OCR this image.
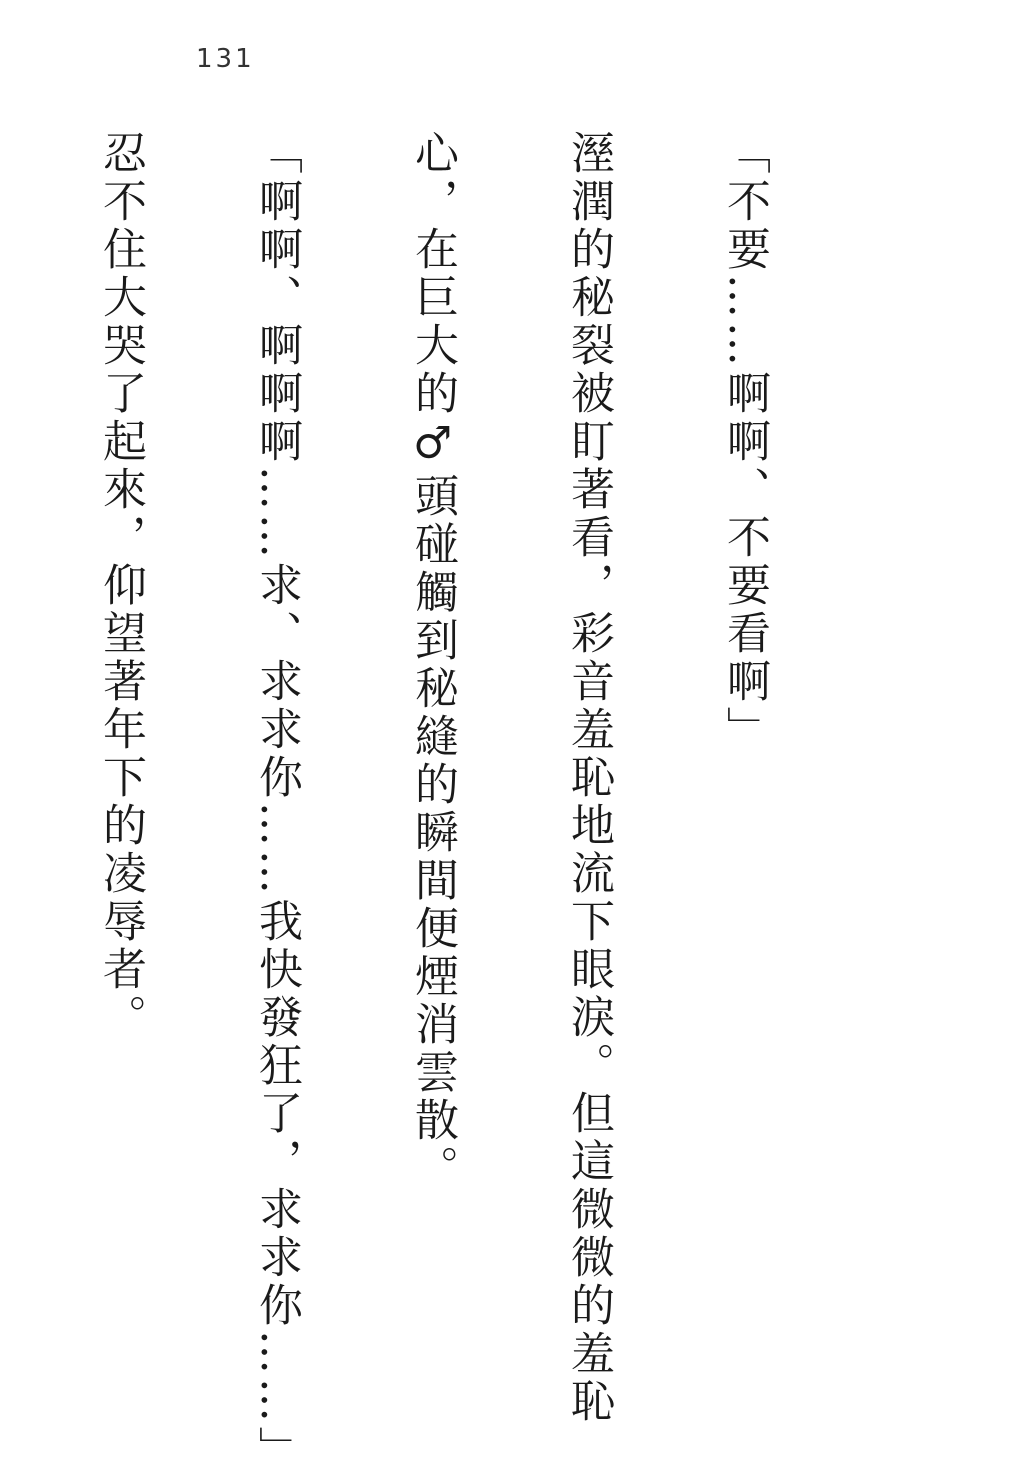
131

「不要……啊啊、不要看啊」

溼潤的秘裂被盯著看，彩音羞恥地流下眼淚。但這微微的羞恥

心，在巨大的♂頭碰觸到秘縫的瞬間便煙消雲散。

「啊啊、啊啊啊……求、求求你……我快發狂了，求求你……」

忍不住大哭了起來，仰望著年下的凌辱者。
